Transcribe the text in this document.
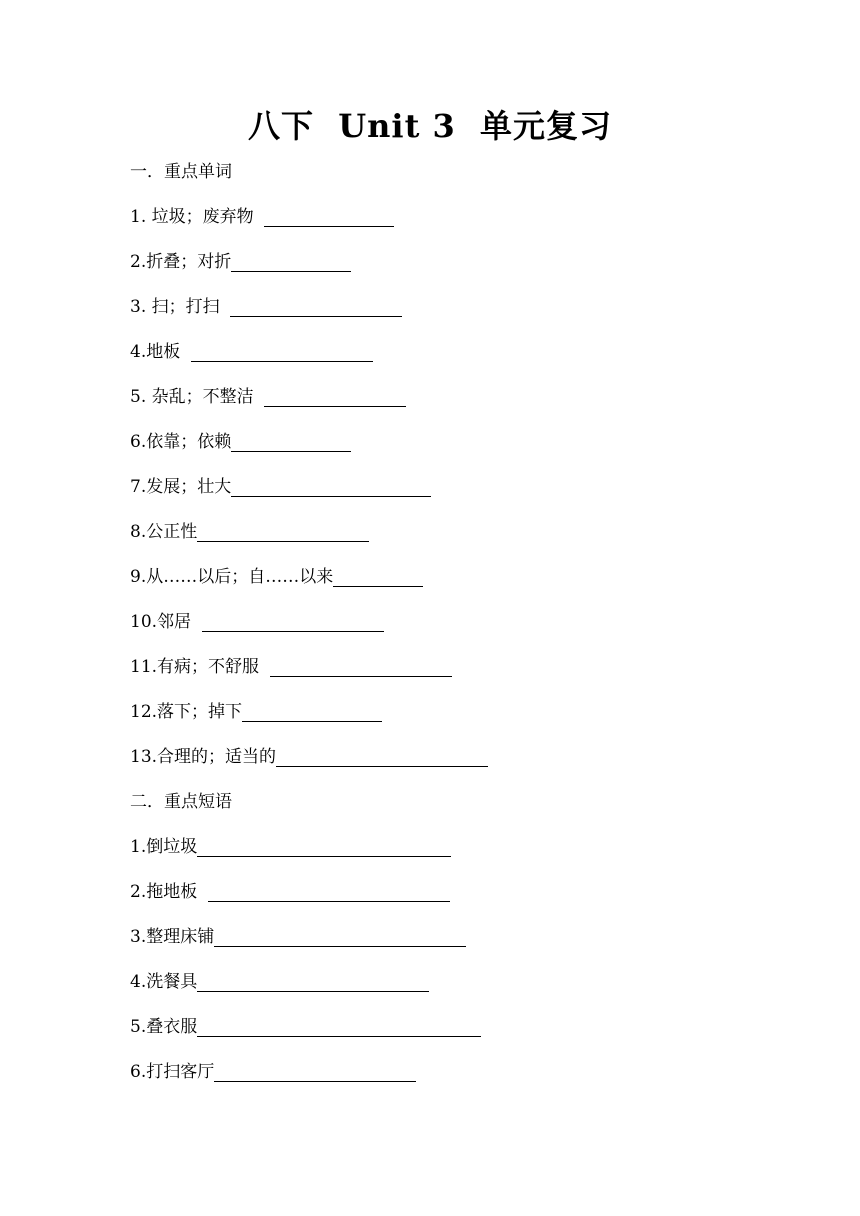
八下  Unit 3  单元复习
一．重点单词
1. 垃圾；废弃物
2.折叠；对折
3. 扫；打扫
4.地板
5. 杂乱；不整洁
6.依靠；依赖
7.发展；壮大
8.公正性
9.从……以后；自……以来
10.邻居
11.有病；不舒服
12.落下；掉下
13.合理的；适当的
二．重点短语
1.倒垃圾
2.拖地板
3.整理床铺
4.洗餐具
5.叠衣服
6.打扫客厅
